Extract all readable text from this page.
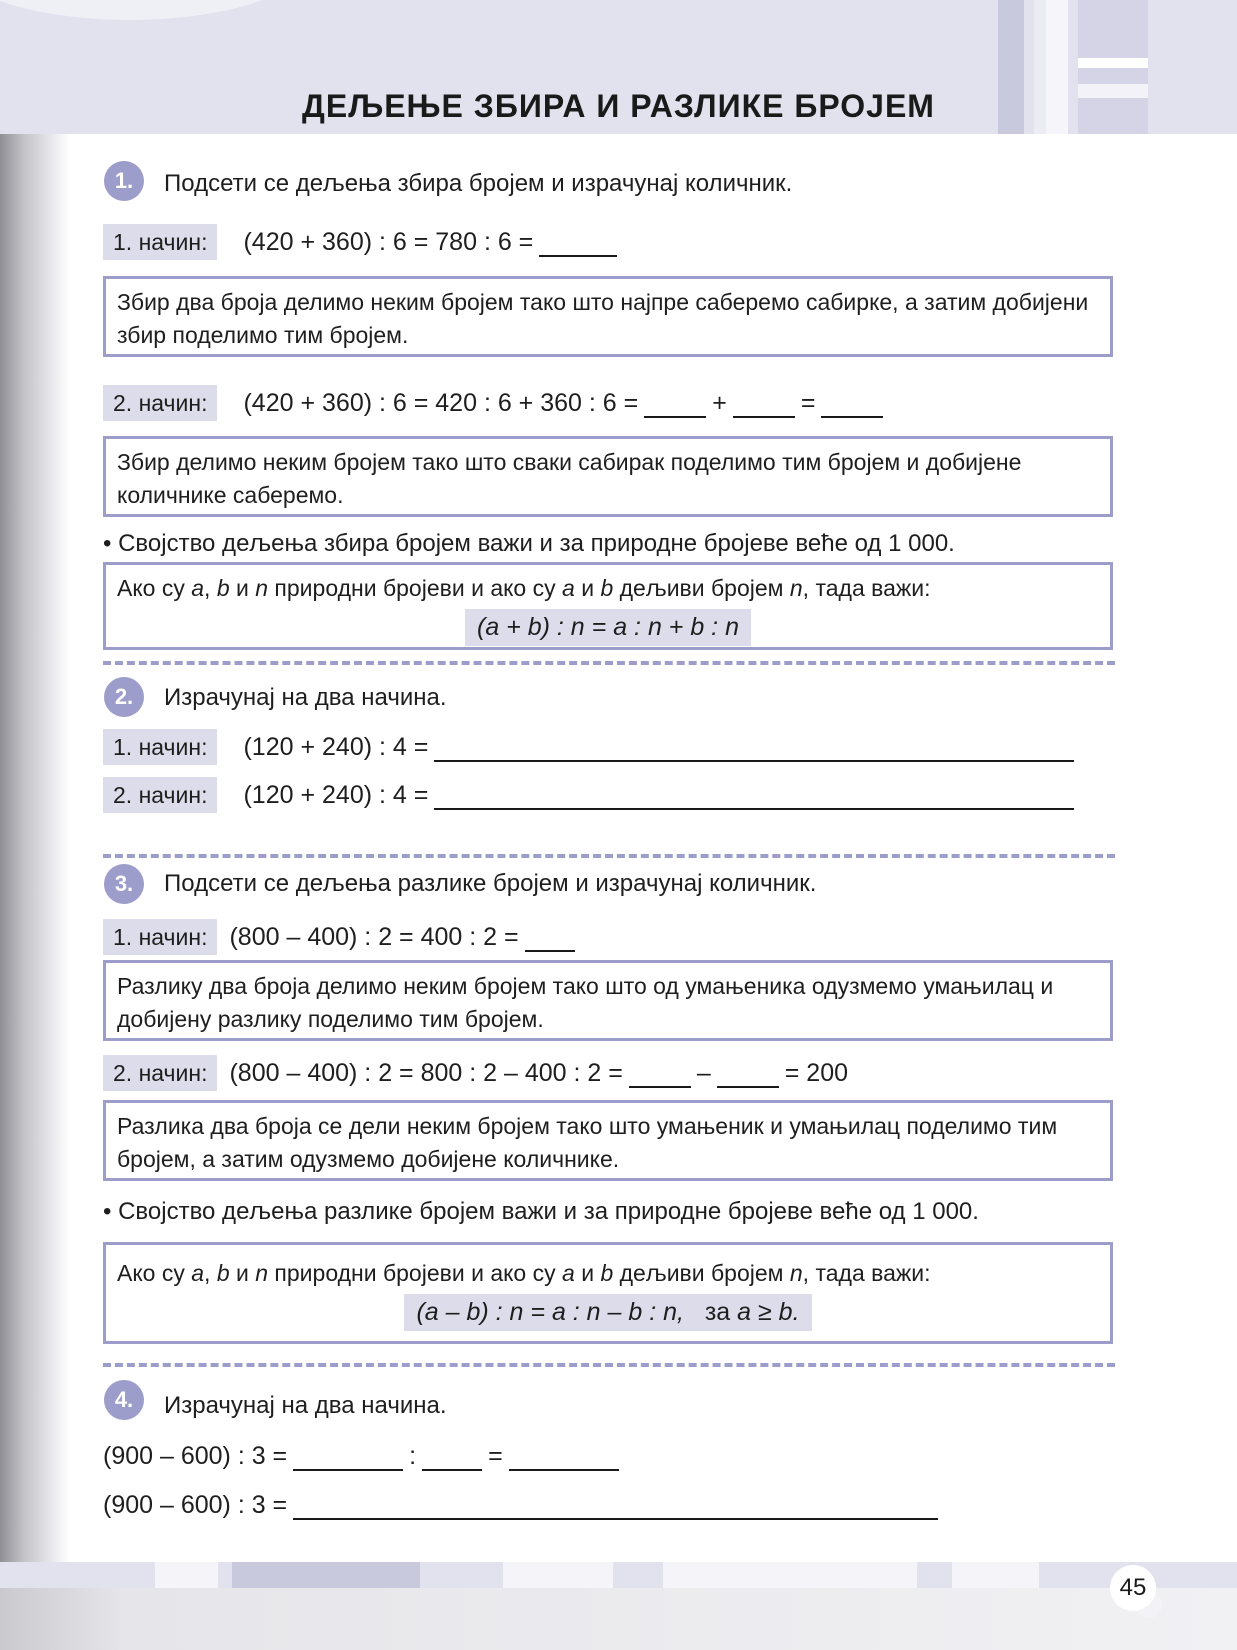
ДЕЉЕЊЕ ЗБИРА И РАЗЛИКЕ БРОЈЕМ
1.	Подсети се дељења збира бројем и израчунај количник.
1. начин:	(420 + 360) : 6 = 780 : 6 =
Збир два броја делимо неким бројем тако што најпре саберемо сабирке, а затим добијени збир поделимо тим бројем.
2. начин:	(420 + 360) : 6 = 420 : 6 + 360 : 6 =	+	=
Збир делимо неким бројем тако што сваки сабирак поделимо тим бројем и добијене количнике саберемо.
• Својство дељења збира бројем важи и за природне бројеве веће од 1 000.
Ако су a, b и n природни бројеви и ако су a и b дељиви бројем n, тада важи:
(a + b) : n = a : n + b : n
2.	Израчунај на два начина.
1. начин:	(120 + 240) : 4 =
2. начин:	(120 + 240) : 4 =
3.	Подсети се дељења разлике бројем и израчунај количник.
1. начин: (800 – 400) : 2 = 400 : 2 =
Разлику два броја делимо неким бројем тако што од умањеника одузмемо умањилац и добијену разлику поделимо тим бројем.
2. начин: (800 – 400) : 2 = 800 : 2 – 400 : 2 =	–	= 200
Разлика два броја се дели неким бројем тако што умањеник и умањилац поделимо тим бројем, а затим одузмемо добијене количнике.
• Својство дељења разлике бројем важи и за природне бројеве веће од 1 000.
Ако су a, b и n природни бројеви и ако су a и b дељиви бројем n, тада важи:
(a – b) : n = a : n – b : n, за a ≥ b.
4.	Израчунај на два начина.
(900 – 600) : 3 =	:	=
(900 – 600) : 3 =
45
